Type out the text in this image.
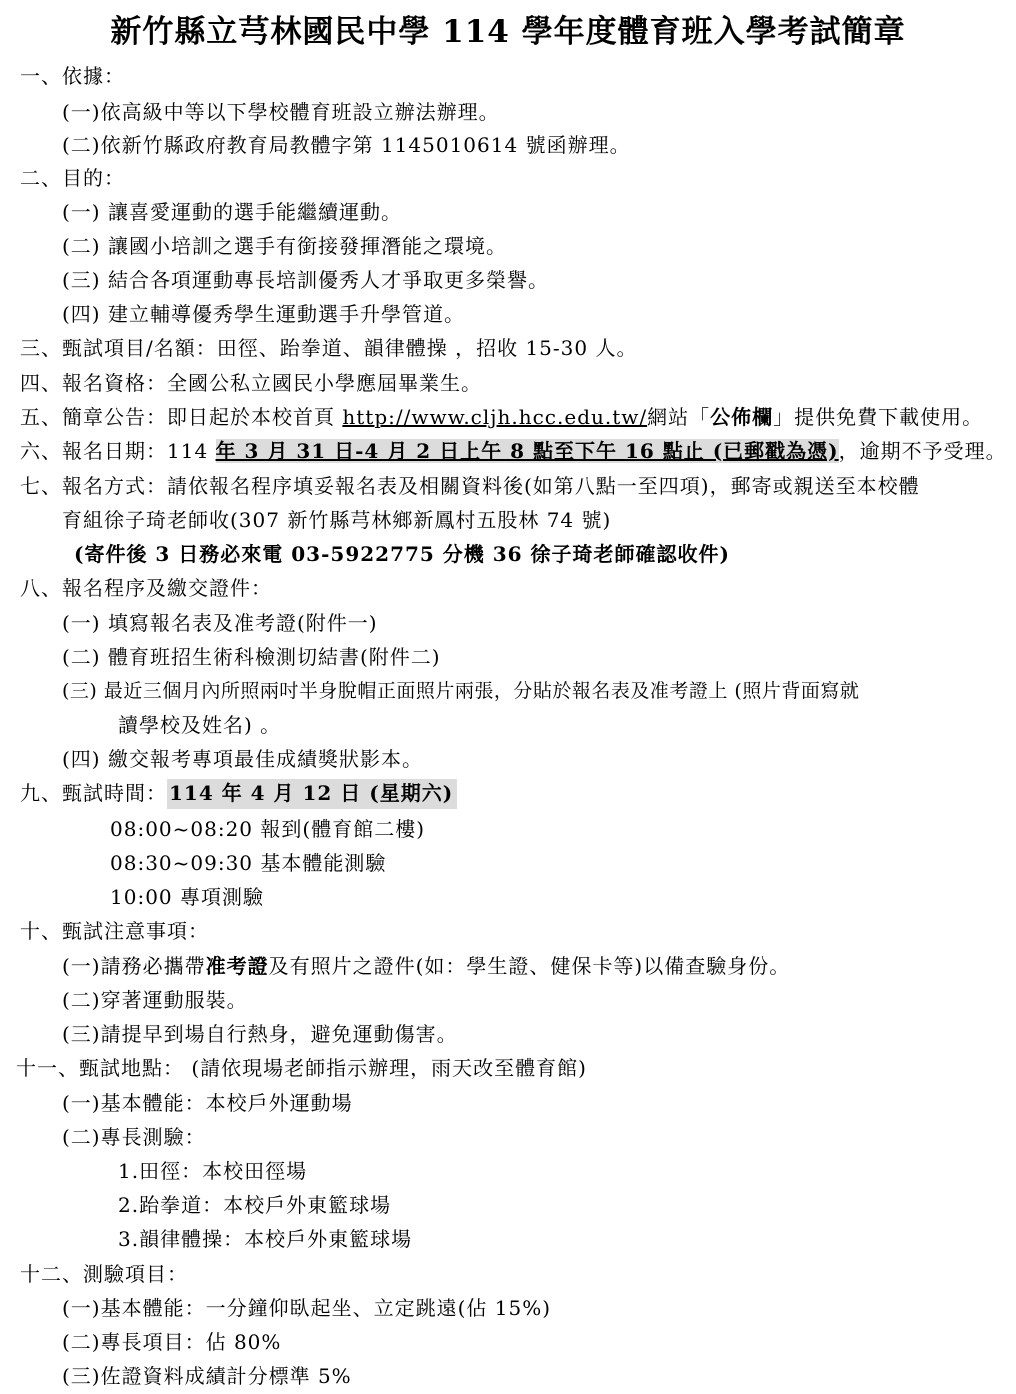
新竹縣立芎林國民中學 114 學年度體育班入學考試簡章
一、依據：
(一)依高級中等以下學校體育班設立辦法辦理。
(二)依新竹縣政府教育局教體字第 1145010614 號函辦理。
二、目的：
(一) 讓喜愛運動的選手能繼續運動。
(二) 讓國小培訓之選手有銜接發揮潛能之環境。
(三) 結合各項運動專長培訓優秀人才爭取更多榮譽。
(四) 建立輔導優秀學生運動選手升學管道。
三、甄試項目/名額：田徑、跆拳道、韻律體操 ，招收 15-30 人。
四、報名資格：全國公私立國民小學應屆畢業生。
五、簡章公告：即日起於本校首頁 http://www.cljh.hcc.edu.tw/網站「公佈欄」提供免費下載使用。
六、報名日期：114 年 3 月 31 日-4 月 2 日上午 8 點至下午 16 點止 (已郵戳為憑)，逾期不予受理。
七、報名方式：請依報名程序填妥報名表及相關資料後(如第八點一至四項)，郵寄或親送至本校體
育組徐子琦老師收(307 新竹縣芎林鄉新鳳村五股林 74 號)
(寄件後 3 日務必來電 03-5922775 分機 36 徐子琦老師確認收件)
八、報名程序及繳交證件：
(一) 填寫報名表及准考證(附件一)
(二) 體育班招生術科檢測切結書(附件二)
(三) 最近三個月內所照兩吋半身脫帽正面照片兩張，分貼於報名表及准考證上 (照片背面寫就
讀學校及姓名) 。
(四) 繳交報考專項最佳成績獎狀影本。
九、甄試時間： 114 年 4 月 12 日 (星期六)
08:00~08:20 報到(體育館二樓)
08:30~09:30 基本體能測驗
10:00 專項測驗
十、甄試注意事項：
(一)請務必攜帶准考證及有照片之證件(如：學生證、健保卡等)以備查驗身份。
(二)穿著運動服裝。
(三)請提早到場自行熱身，避免運動傷害。
十一、甄試地點： (請依現場老師指示辦理，雨天改至體育館)
(一)基本體能：本校戶外運動場
(二)專長測驗：
1.田徑：本校田徑場
2.跆拳道：本校戶外東籃球場
3.韻律體操：本校戶外東籃球場
十二、測驗項目：
(一)基本體能：一分鐘仰臥起坐、立定跳遠(佔 15%)
(二)專長項目：佔 80%
(三)佐證資料成績計分標準 5%
